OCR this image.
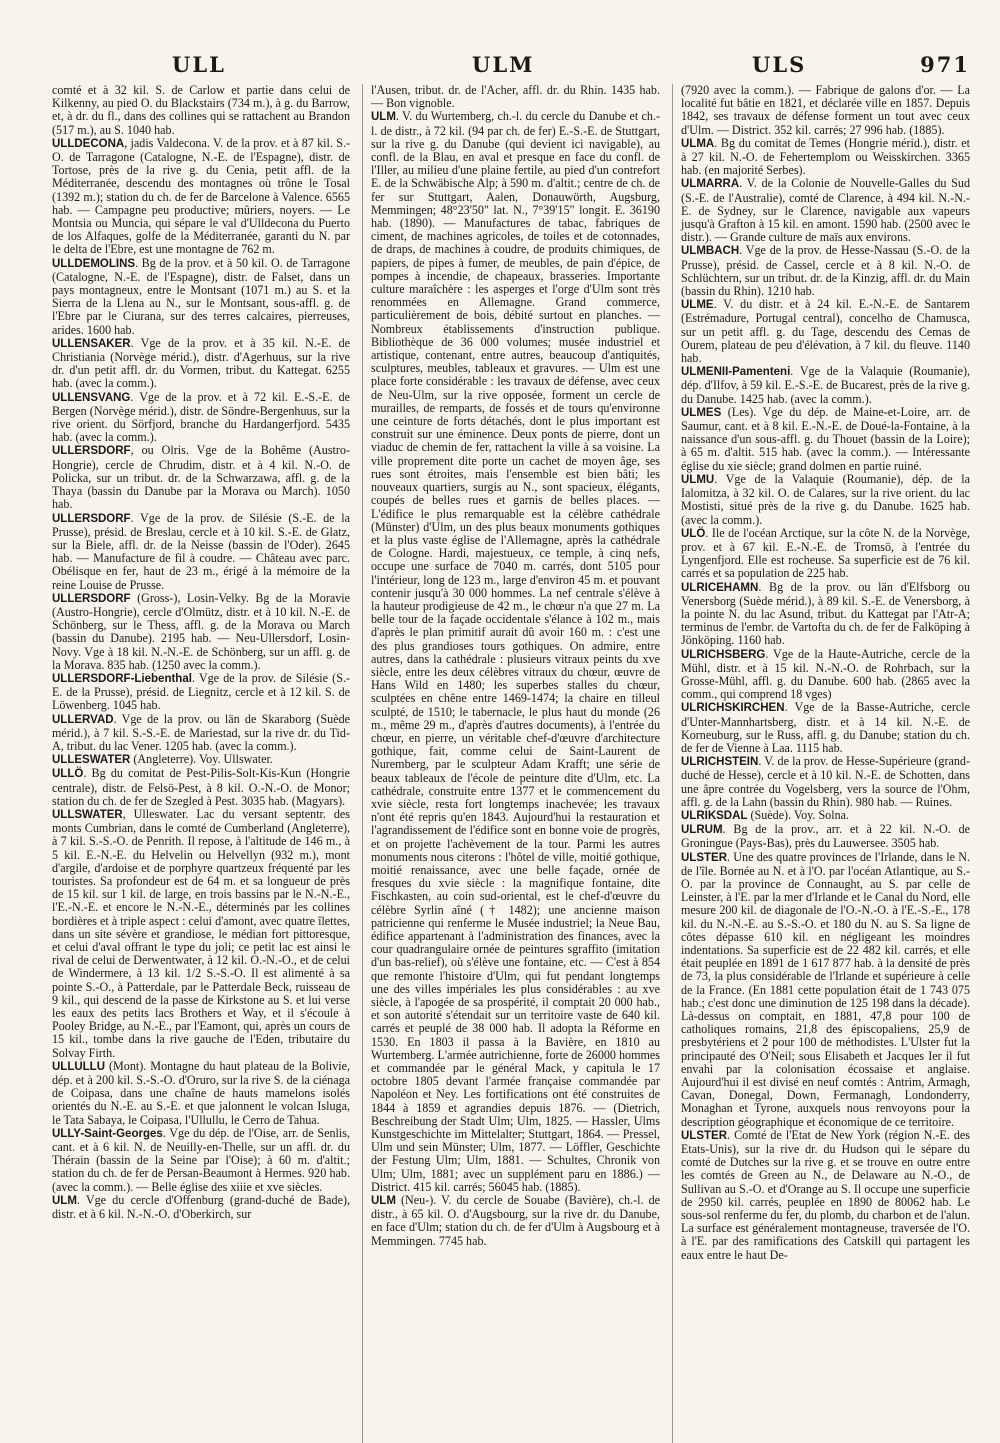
ULL	ULM	ULS	971

comté et à 32 kil. S. de Carlow et partie dans celui de Kilkenny, au pied O. du Blackstairs (734 m.), à g. du Barrow, et, à dr. du fl., dans des collines qui se rattachent au Brandon (517 m.), au S. 1040 hab.

ULLDECONA, jadis Valdecona. V. de la prov. et à 87 kil. S.-O. de Tarragone (Catalogne, N.-E. de l'Espagne), distr. de Tortose, près de la rive g. du Cenia, petit affl. de la Méditerranée, descendu des montagnes où trône le Tosal (1392 m.); station du ch. de fer de Barcelone à Valence. 6565 hab. — Campagne peu productive; mûriers, noyers. — Le Montsia ou Muncia, qui sépare le val d'Ulldecona du Puerto de los Alfaques, golfe de la Méditerranée, garanti du N. par le delta de l'Ebre, est une montagne de 762 m.

ULLDEMOLINS. Bg de la prov. et à 50 kil. O. de Tarragone (Catalogne, N.-E. de l'Espagne), distr. de Falset, dans un pays montagneux, entre le Montsant (1071 m.) au S. et la Sierra de la Llena au N., sur le Montsant, sous-affl. g. de l'Ebre par le Ciurana, sur des terres calcaires, pierreuses, arides. 1600 hab.

ULLENSAKER. Vge de la prov. et à 35 kil. N.-E. de Christiania (Norvège mérid.), distr. d'Agerhuus, sur la rive dr. d'un petit affl. dr. du Vormen, tribut. du Kattegat. 6255 hab. (avec la comm.).

ULLENSVANG. Vge de la prov. et à 72 kil. E.-S.-E. de Bergen (Norvège mérid.), distr. de Söndre-Bergenhuus, sur la rive orient. du Sörfjord, branche du Hardangerfjord. 5435 hab. (avec la comm.).

ULLERSDORF, ou Olris. Vge de la Bohême (Austro-Hongrie), cercle de Chrudim, distr. et à 4 kil. N.-O. de Policka, sur un tribut. dr. de la Schwarzawa, affl. g. de la Thaya (bassin du Danube par la Morava ou March). 1050 hab.

ULLERSDORF. Vge de la prov. de Silésie (S.-E. de la Prusse), présid. de Breslau, cercle et à 10 kil. S.-E. de Glatz, sur la Biele, affl. dr. de la Neisse (bassin de l'Oder). 2645 hab. — Manufacture de fil à coudre. — Château avec parc. Obélisque en fer, haut de 23 m., érigé à la mémoire de la reine Louise de Prusse.

ULLERSDORF (Gross-), Losin-Velky. Bg de la Moravie (Austro-Hongrie), cercle d'Olmütz, distr. et à 10 kil. N.-E. de Schönberg, sur le Thess, affl. g. de la Morava ou March (bassin du Danube). 2195 hab. — Neu-Ullersdorf, Losin-Novy. Vge à 18 kil. N.-N.-E. de Schönberg, sur un affl. g. de la Morava. 835 hab. (1250 avec la comm.).

ULLERSDORF-Liebenthal. Vge de la prov. de Silésie (S.-E. de la Prusse), présid. de Liegnitz, cercle et à 12 kil. S. de Löwenberg. 1045 hab.

ULLERVAD. Vge de la prov. ou län de Skaraborg (Suède mérid.), à 7 kil. S.-S.-E. de Mariestad, sur la rive dr. du Tid-A, tribut. du lac Vener. 1205 hab. (avec la comm.).

ULLESWATER (Angleterre). Voy. Ullswater.

ULLÖ. Bg du comitat de Pest-Pilis-Solt-Kis-Kun (Hongrie centrale), distr. de Felsö-Pest, à 8 kil. O.-N.-O. de Monor; station du ch. de fer de Szegled à Pest. 3035 hab. (Magyars).

ULLSWATER, Ulleswater. Lac du versant septentr. des monts Cumbrian, dans le comté de Cumberland (Angleterre), à 7 kil. S.-S.-O. de Penrith. Il repose, à l'altitude de 146 m., à 5 kil. E.-N.-E. du Helvelin ou Helvellyn (932 m.), mont d'argile, d'ardoise et de porphyre quartzeux fréquenté par les touristes. Sa profondeur est de 64 m. et sa longueur de près de 15 kil. sur 1 kil. de large, en trois bassins par le N.-N.-E., l'E.-N.-E. et encore le N.-N.-E., déterminés par les collines bordières et à triple aspect : celui d'amont, avec quatre îlettes, dans un site sévère et grandiose, le médian fort pittoresque, et celui d'aval offrant le type du joli; ce petit lac est ainsi le rival de celui de Derwentwater, à 12 kil. O.-N.-O., et de celui de Windermere, à 13 kil. 1/2 S.-S.-O. Il est alimenté à sa pointe S.-O., à Patterdale, par le Patterdale Beck, ruisseau de 9 kil., qui descend de la passe de Kirkstone au S. et lui verse les eaux des petits lacs Brothers et Way, et il s'écoule à Pooley Bridge, au N.-E., par l'Eamont, qui, après un cours de 15 kil., tombe dans la rive gauche de l'Eden, tributaire du Solvay Firth.

ULLULLU (Mont). Montagne du haut plateau de la Bolivie, dép. et à 200 kil. S.-S.-O. d'Oruro, sur la rive S. de la ciénaga de Coipasa, dans une chaîne de hauts mamelons isolés orientés du N.-E. au S.-E. et que jalonnent le volcan Isluga, le Tata Sabaya, le Coipasa, l'Ullullu, le Cerro de Tahua.

ULLY-Saint-Georges. Vge du dép. de l'Oise, arr. de Senlis, cant. et à 6 kil. N. de Neuilly-en-Thelle, sur un affl. dr. du Thérain (bassin de la Seine par l'Oise); à 60 m. d'altit.; station du ch. de fer de Persan-Beaumont à Hermes. 920 hab. (avec la comm.). — Belle église des xiiie et xve siècles.

ULM. Vge du cercle d'Offenburg (grand-duché de Bade), distr. et à 6 kil. N.-N.-O. d'Oberkirch, sur

l'Ausen, tribut. dr. de l'Acher, affl. dr. du Rhin. 1435 hab. — Bon vignoble.

ULM. V. du Wurtemberg, ch.-l. du cercle du Danube et ch.-l. de distr., à 72 kil. (94 par ch. de fer) E.-S.-E. de Stuttgart, sur la rive g. du Danube (qui devient ici navigable), au confl. de la Blau, en aval et presque en face du confl. de l'Iller, au milieu d'une plaine fertile, au pied d'un contrefort E. de la Schwäbische Alp; à 590 m. d'altit.; centre de ch. de fer sur Stuttgart, Aalen, Donauwörth, Augsburg, Memmingen; 48°23'50" lat. N., 7°39'15" longit. E. 36190 hab. (1890). — Manufactures de tabac, fabriques de ciment, de machines agricoles, de toiles et de cotonnades, de draps, de machines à coudre, de produits chimiques, de papiers, de pipes à fumer, de meubles, de pain d'épice, de pompes à incendie, de chapeaux, brasseries. Importante culture maraîchère : les asperges et l'orge d'Ulm sont très renommées en Allemagne. Grand commerce, particulièrement de bois, débité surtout en planches. — Nombreux établissements d'instruction publique. Bibliothèque de 36 000 volumes; musée industriel et artistique, contenant, entre autres, beaucoup d'antiquités, sculptures, meubles, tableaux et gravures. — Ulm est une place forte considérable : les travaux de défense, avec ceux de Neu-Ulm, sur la rive opposée, forment un cercle de murailles, de remparts, de fossés et de tours qu'environne une ceinture de forts détachés, dont le plus important est construit sur une éminence. Deux ponts de pierre, dont un viaduc de chemin de fer, rattachent la ville à sa voisine. La ville proprement dite porte un cachet de moyen âge, ses rues sont étroites, mais l'ensemble est bien bâti; les nouveaux quartiers, surgis au N., sont spacieux, élégants, coupés de belles rues et garnis de belles places. — L'édifice le plus remarquable est la célèbre cathédrale (Münster) d'Ulm, un des plus beaux monuments gothiques et la plus vaste église de l'Allemagne, après la cathédrale de Cologne. Hardi, majestueux, ce temple, à cinq nefs, occupe une surface de 7040 m. carrés, dont 5105 pour l'intérieur, long de 123 m., large d'environ 45 m. et pouvant contenir jusqu'à 30 000 hommes. La nef centrale s'élève à la hauteur prodigieuse de 42 m., le chœur n'a que 27 m. La belle tour de la façade occidentale s'élance à 102 m., mais d'après le plan primitif aurait dû avoir 160 m. : c'est une des plus grandioses tours gothiques. On admire, entre autres, dans la cathédrale : plusieurs vitraux peints du xve siècle, entre les deux célèbres vitraux du chœur, œuvre de Hans Wild en 1480; les superbes stalles du chœur, sculptées en chêne entre 1469-1474; la chaire en tilleul sculpté, de 1510; le tabernacle, le plus haut du monde (26 m., même 29 m., d'après d'autres documents), à l'entrée du chœur, en pierre, un véritable chef-d'œuvre d'architecture gothique, fait, comme celui de Saint-Laurent de Nuremberg, par le sculpteur Adam Krafft; une série de beaux tableaux de l'école de peinture dite d'Ulm, etc. La cathédrale, construite entre 1377 et le commencement du xvie siècle, resta fort longtemps inachevée; les travaux n'ont été repris qu'en 1843. Aujourd'hui la restauration et l'agrandissement de l'édifice sont en bonne voie de progrès, et on projette l'achèvement de la tour. Parmi les autres monuments nous citerons : l'hôtel de ville, moitié gothique, moitié renaissance, avec une belle façade, ornée de fresques du xvie siècle : la magnifique fontaine, dite Fischkasten, au coin sud-oriental, est le chef-d'œuvre du célèbre Syrlin aîné († 1482); une ancienne maison patricienne qui renferme le Musée industriel; la Neue Bau, édifice appartenant à l'administration des finances, avec la cour quadrangulaire ornée de peintures sgraffito (imitation d'un bas-relief), où s'élève une fontaine, etc. — C'est à 854 que remonte l'histoire d'Ulm, qui fut pendant longtemps une des villes impériales les plus considérables : au xve siècle, à l'apogée de sa prospérité, il comptait 20 000 hab., et son autorité s'étendait sur un territoire vaste de 640 kil. carrés et peuplé de 38 000 hab. Il adopta la Réforme en 1530. En 1803 il passa à la Bavière, en 1810 au Wurtemberg. L'armée autrichienne, forte de 26000 hommes et commandée par le général Mack, y capitula le 17 octobre 1805 devant l'armée française commandée par Napoléon et Ney. Les fortifications ont été construites de 1844 à 1859 et agrandies depuis 1876. — (Dietrich, Beschreibung der Stadt Ulm; Ulm, 1825. — Hassler, Ulms Kunstgeschichte im Mittelalter; Stuttgart, 1864. — Pressel, Ulm und sein Münster; Ulm, 1877. — Löffler, Geschichte der Festung Ulm; Ulm, 1881. — Schultes, Chronik von Ulm; Ulm, 1881; avec un supplément paru en 1886.) — District. 415 kil. carrés; 56045 hab. (1885).

ULM (Neu-). V. du cercle de Souabe (Bavière), ch.-l. de distr., à 65 kil. O. d'Augsbourg, sur la rive dr. du Danube, en face d'Ulm; station du ch. de fer d'Ulm à Augsbourg et à Memmingen. 7745 hab.

(7920 avec la comm.). — Fabrique de galons d'or. — La localité fut bâtie en 1821, et déclarée ville en 1857. Depuis 1842, ses travaux de défense forment un tout avec ceux d'Ulm. — District. 352 kil. carrés; 27 996 hab. (1885).

ULMA. Bg du comitat de Temes (Hongrie mérid.), distr. et à 27 kil. N.-O. de Fehertemplom ou Weisskirchen. 3365 hab. (en majorité Serbes).

ULMARRA. V. de la Colonie de Nouvelle-Galles du Sud (S.-E. de l'Australie), comté de Clarence, à 494 kil. N.-N.-E. de Sydney, sur le Clarence, navigable aux vapeurs jusqu'à Grafton à 15 kil. en amont. 1590 hab. (2500 avec le distr.). — Grande culture de maïs aux environs.

ULMBACH. Vge de la prov. de Hesse-Nassau (S.-O. de la Prusse), présid. de Cassel, cercle et à 8 kil. N.-O. de Schlüchtern, sur un tribut. dr. de la Kinzig, affl. dr. du Main (bassin du Rhin). 1210 hab.

ULME. V. du distr. et à 24 kil. E.-N.-E. de Santarem (Estrémadure, Portugal central), concelho de Chamusca, sur un petit affl. g. du Tage, descendu des Cemas de Ourem, plateau de peu d'élévation, à 7 kil. du fleuve. 1140 hab.

ULMENII-Pamenteni. Vge de la Valaquie (Roumanie), dép. d'Ilfov, à 59 kil. E.-S.-E. de Bucarest, près de la rive g. du Danube. 1425 hab. (avec la comm.).

ULMES (Les). Vge du dép. de Maine-et-Loire, arr. de Saumur, cant. et à 8 kil. E.-N.-E. de Doué-la-Fontaine, à la naissance d'un sous-affl. g. du Thouet (bassin de la Loire); à 65 m. d'altit. 515 hab. (avec la comm.). — Intéressante église du xie siècle; grand dolmen en partie ruiné.

ULMU. Vge de la Valaquie (Roumanie), dép. de la Ialomitza, à 32 kil. O. de Calares, sur la rive orient. du lac Mostisti, situé près de la rive g. du Danube. 1625 hab. (avec la comm.).

ULÖ. Ile de l'océan Arctique, sur la côte N. de la Norvège, prov. et à 67 kil. E.-N.-E. de Tromsö, à l'entrée du Lyngenfjord. Elle est rocheuse. Sa superficie est de 76 kil. carrés et sa population de 225 hab.

ULRICEHAMN. Bg de la prov. ou län d'Elfsborg ou Venersborg (Suède mérid.), à 89 kil. S.-E. de Venersborg, à la pointe N. du lac Asund, tribut. du Kattegat par l'Atr-A; terminus de l'embr. de Vartofta du ch. de fer de Falköping à Jönköping. 1160 hab.

ULRICHSBERG. Vge de la Haute-Autriche, cercle de la Mühl, distr. et à 15 kil. N.-N.-O. de Rohrbach, sur la Grosse-Mühl, affl. g. du Danube. 600 hab. (2865 avec la comm., qui comprend 18 vges)

ULRICHSKIRCHEN. Vge de la Basse-Autriche, cercle d'Unter-Mannhartsberg, distr. et à 14 kil. N.-E. de Korneuburg, sur le Russ, affl. g. du Danube; station du ch. de fer de Vienne à Laa. 1115 hab.

ULRICHSTEIN. V. de la prov. de Hesse-Supérieure (grand-duché de Hesse), cercle et à 10 kil. N.-E. de Schotten, dans une âpre contrée du Vogelsberg, vers la source de l'Ohm, affl. g. de la Lahn (bassin du Rhin). 980 hab. — Ruines.

ULRIKSDAL (Suède). Voy. Solna.

ULRUM. Bg de la prov., arr. et à 22 kil. N.-O. de Groningue (Pays-Bas), près du Lauwersee. 3505 hab.

ULSTER. Une des quatre provinces de l'Irlande, dans le N. de l'île. Bornée au N. et à l'O. par l'océan Atlantique, au S.-O. par la province de Connaught, au S. par celle de Leinster, à l'E. par la mer d'Irlande et le Canal du Nord, elle mesure 200 kil. de diagonale de l'O.-N.-O. à l'E.-S.-E., 178 kil. du N.-N.-E. au S.-S.-O. et 180 du N. au S. Sa ligne de côtes dépasse 610 kil. en négligeant les moindres indentations. Sa superficie est de 22 482 kil. carrés, et elle était peuplée en 1891 de 1 617 877 hab. à la densité de près de 73, la plus considérable de l'Irlande et supérieure à celle de la France. (En 1881 cette population était de 1 743 075 hab.; c'est donc une diminution de 125 198 dans la décade). Là-dessus on comptait, en 1881, 47,8 pour 100 de catholiques romains, 21,8 des épiscopaliens, 25,9 de presbytériens et 2 pour 100 de méthodistes. L'Ulster fut la principauté des O'Neil; sous Elisabeth et Jacques Ier il fut envahi par la colonisation écossaise et anglaise. Aujourd'hui il est divisé en neuf comtés : Antrim, Armagh, Cavan, Donegal, Down, Fermanagh, Londonderry, Monaghan et Tyrone, auxquels nous renvoyons pour la description géographique et économique de ce territoire.

ULSTER. Comté de l'Etat de New York (région N.-E. des Etats-Unis), sur la rive dr. du Hudson qui le sépare du comté de Dutches sur la rive g. et se trouve en outre entre les comtés de Green au N., de Delaware au N.-O., de Sullivan au S.-O. et d'Orange au S. Il occupe une superficie de 2950 kil. carrés, peuplée en 1890 de 80062 hab. Le sous-sol renferme du fer, du plomb, du charbon et de l'alun. La surface est généralement montagneuse, traversée de l'O. à l'E. par des ramifications des Catskill qui partagent les eaux entre le haut De-
